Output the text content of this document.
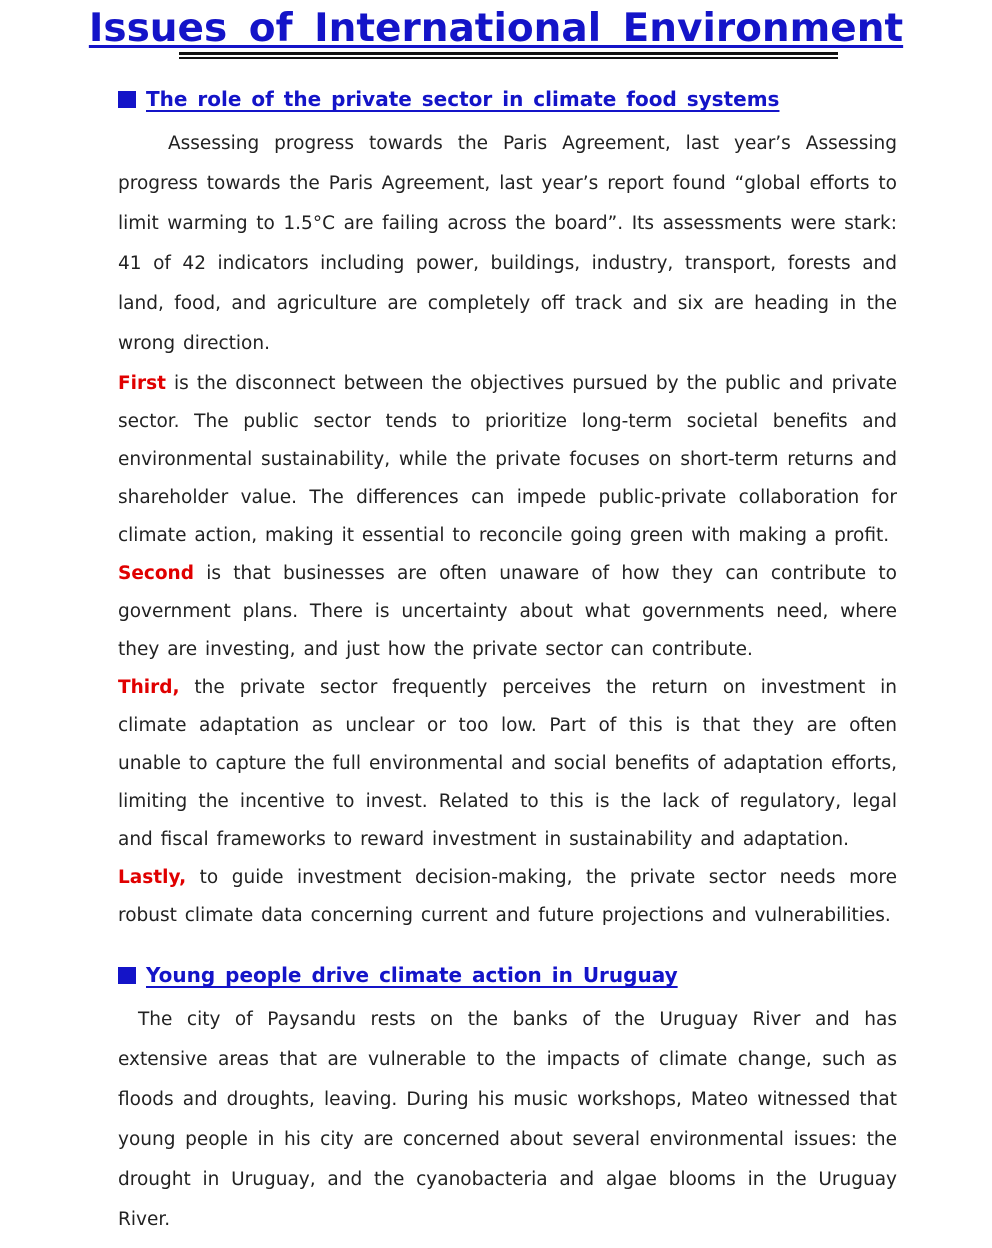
Issues of International Environment
The role of the private sector in climate food systems

Assessing progress towards the Paris Agreement, last year’s Assessing progress towards the Paris Agreement, last year’s report found “global efforts to limit warming to 1.5°C are failing across the board”. Its assessments were stark: 41 of 42 indicators including power, buildings, industry, transport, forests and land, food, and agriculture are completely off track and six are heading in the wrong direction.

First is the disconnect between the objectives pursued by the public and private sector. The public sector tends to prioritize long-term societal benefits and environmental sustainability, while the private focuses on short-term returns and shareholder value. The differences can impede public-private collaboration for climate action, making it essential to reconcile going green with making a profit.

Second is that businesses are often unaware of how they can contribute to government plans. There is uncertainty about what governments need, where they are investing, and just how the private sector can contribute.

Third, the private sector frequently perceives the return on investment in climate adaptation as unclear or too low. Part of this is that they are often unable to capture the full environmental and social benefits of adaptation efforts, limiting the incentive to invest. Related to this is the lack of regulatory, legal and fiscal frameworks to reward investment in sustainability and adaptation.

Lastly, to guide investment decision-making, the private sector needs more robust climate data concerning current and future projections and vulnerabilities.

Young people drive climate action in Uruguay

The city of Paysandu rests on the banks of the Uruguay River and has extensive areas that are vulnerable to the impacts of climate change, such as floods and droughts, leaving. During his music workshops, Mateo witnessed that young people in his city are concerned about several environmental issues: the drought in Uruguay, and the cyanobacteria and algae blooms in the Uruguay River.
